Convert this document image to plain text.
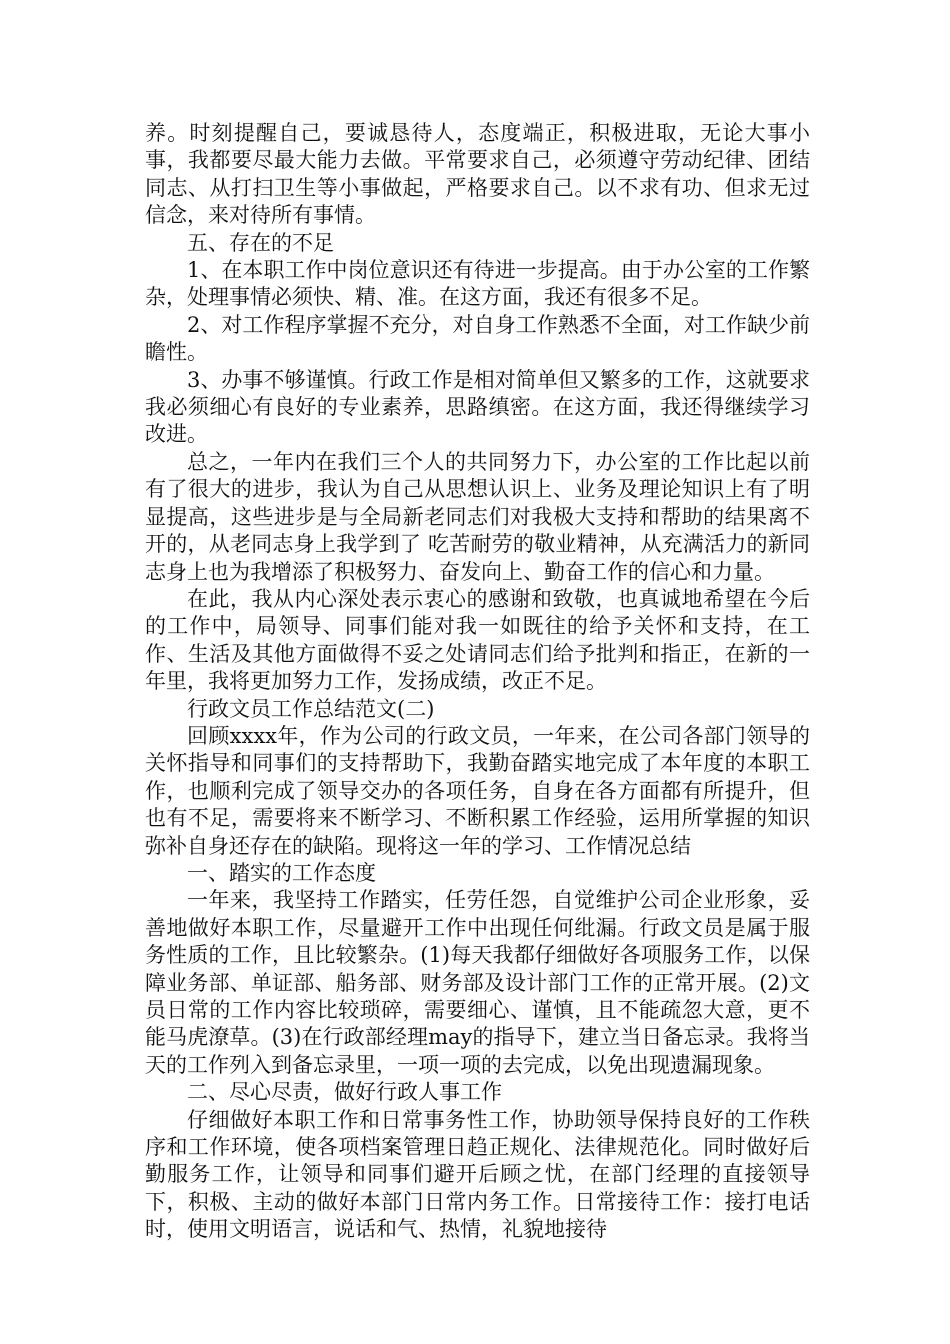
养。时刻提醒自己，要诚恳待人，态度端正，积极进取，无论大事小事，我都要尽最大能力去做。平常要求自己，必须遵守劳动纪律、团结同志、从打扫卫生等小事做起，严格要求自己。以不求有功、但求无过信念，来对待所有事情。

五、存在的不足

1、在本职工作中岗位意识还有待进一步提高。由于办公室的工作繁杂，处理事情必须快、精、准。在这方面，我还有很多不足。

2、对工作程序掌握不充分，对自身工作熟悉不全面，对工作缺少前瞻性。

3、办事不够谨慎。行政工作是相对简单但又繁多的工作，这就要求我必须细心有良好的专业素养，思路缜密。在这方面，我还得继续学习改进。

总之，一年内在我们三个人的共同努力下，办公室的工作比起以前有了很大的进步，我认为自己从思想认识上、业务及理论知识上有了明显提高，这些进步是与全局新老同志们对我极大支持和帮助的结果离不开的，从老同志身上我学到了 吃苦耐劳的敬业精神，从充满活力的新同志身上也为我增添了积极努力、奋发向上、勤奋工作的信心和力量。

在此，我从内心深处表示衷心的感谢和致敬，也真诚地希望在今后的工作中，局领导、同事们能对我一如既往的给予关怀和支持，在工作、生活及其他方面做得不妥之处请同志们给予批判和指正，在新的一年里，我将更加努力工作，发扬成绩，改正不足。

行政文员工作总结范文(二)

回顾xxxx年，作为公司的行政文员，一年来，在公司各部门领导的关怀指导和同事们的支持帮助下，我勤奋踏实地完成了本年度的本职工作，也顺利完成了领导交办的各项任务，自身在各方面都有所提升，但也有不足，需要将来不断学习、不断积累工作经验，运用所掌握的知识弥补自身还存在的缺陷。现将这一年的学习、工作情况总结

一、踏实的工作态度

一年来，我坚持工作踏实，任劳任怨，自觉维护公司企业形象，妥善地做好本职工作，尽量避开工作中出现任何纰漏。行政文员是属于服务性质的工作，且比较繁杂。(1)每天我都仔细做好各项服务工作，以保障业务部、单证部、船务部、财务部及设计部门工作的正常开展。(2)文员日常的工作内容比较琐碎，需要细心、谨慎，且不能疏忽大意，更不能马虎潦草。(3)在行政部经理may的指导下，建立当日备忘录。我将当天的工作列入到备忘录里，一项一项的去完成，以免出现遗漏现象。

二、尽心尽责，做好行政人事工作

仔细做好本职工作和日常事务性工作，协助领导保持良好的工作秩序和工作环境，使各项档案管理日趋正规化、法律规范化。同时做好后勤服务工作，让领导和同事们避开后顾之忧，在部门经理的直接领导下，积极、主动的做好本部门日常内务工作。日常接待工作：接打电话时，使用文明语言，说话和气、热情，礼貌地接待
